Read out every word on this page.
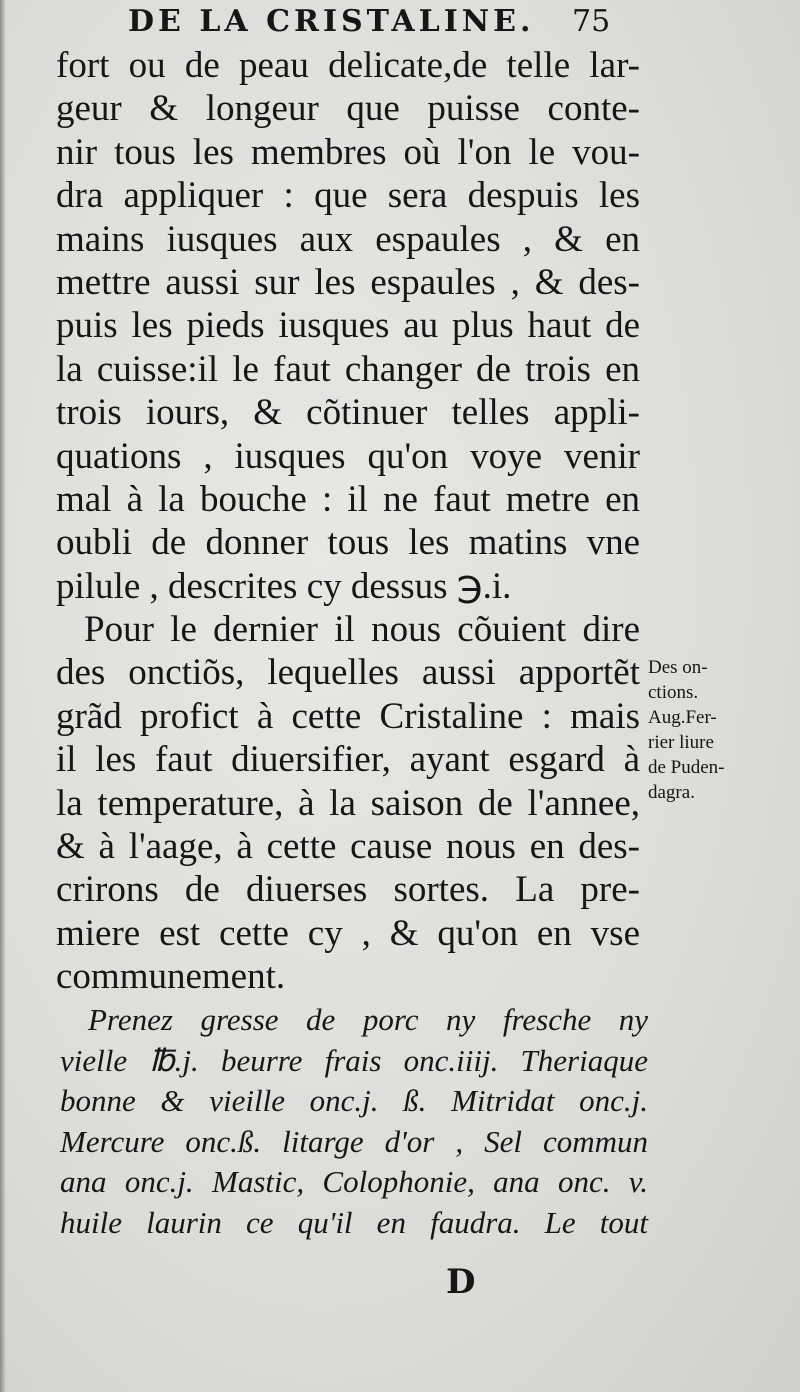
DE LA CRISTALINE. 75
fort ou de peau delicate,de telle lar-
geur & longeur que puisse conte-
nir tous les membres où l'on le vou-
dra appliquer : que sera despuis les
mains iusques aux espaules , & en
mettre aussi sur les espaules , & des-
puis les pieds iusques au plus haut de
la cuisse:il le faut changer de trois en
trois iours, & cõtinuer telles appli-
quations , iusques qu'on voye venir
mal à la bouche : il ne faut metre en
oubli de donner tous les matins vne
pilule , descrites cy dessus ℈.i.
Pour le dernier il nous cõuient dire
des onctiõs, lequelles aussi apportẽt
grãd profict à cette Cristaline : mais
il les faut diuersifier, ayant esgard à
la temperature, à la saison de l'annee,
& à l'aage, à cette cause nous en des-
crirons de diuerses sortes. La pre-
miere est cette cy , & qu'on en vse
communement.
Des on-
ctions.
Aug.Fer-
rier liure
de Puden-
dagra.
Prenez gresse de porc ny fresche ny
vielle ℔.j. beurre frais onc.iiij. Theriaque
bonne & vieille onc.j. ß. Mitridat onc.j.
Mercure onc.ß. litarge d'or , Sel commun
ana onc.j. Mastic, Colophonie, ana onc. v.
huile laurin ce qu'il en faudra. Le tout
D
